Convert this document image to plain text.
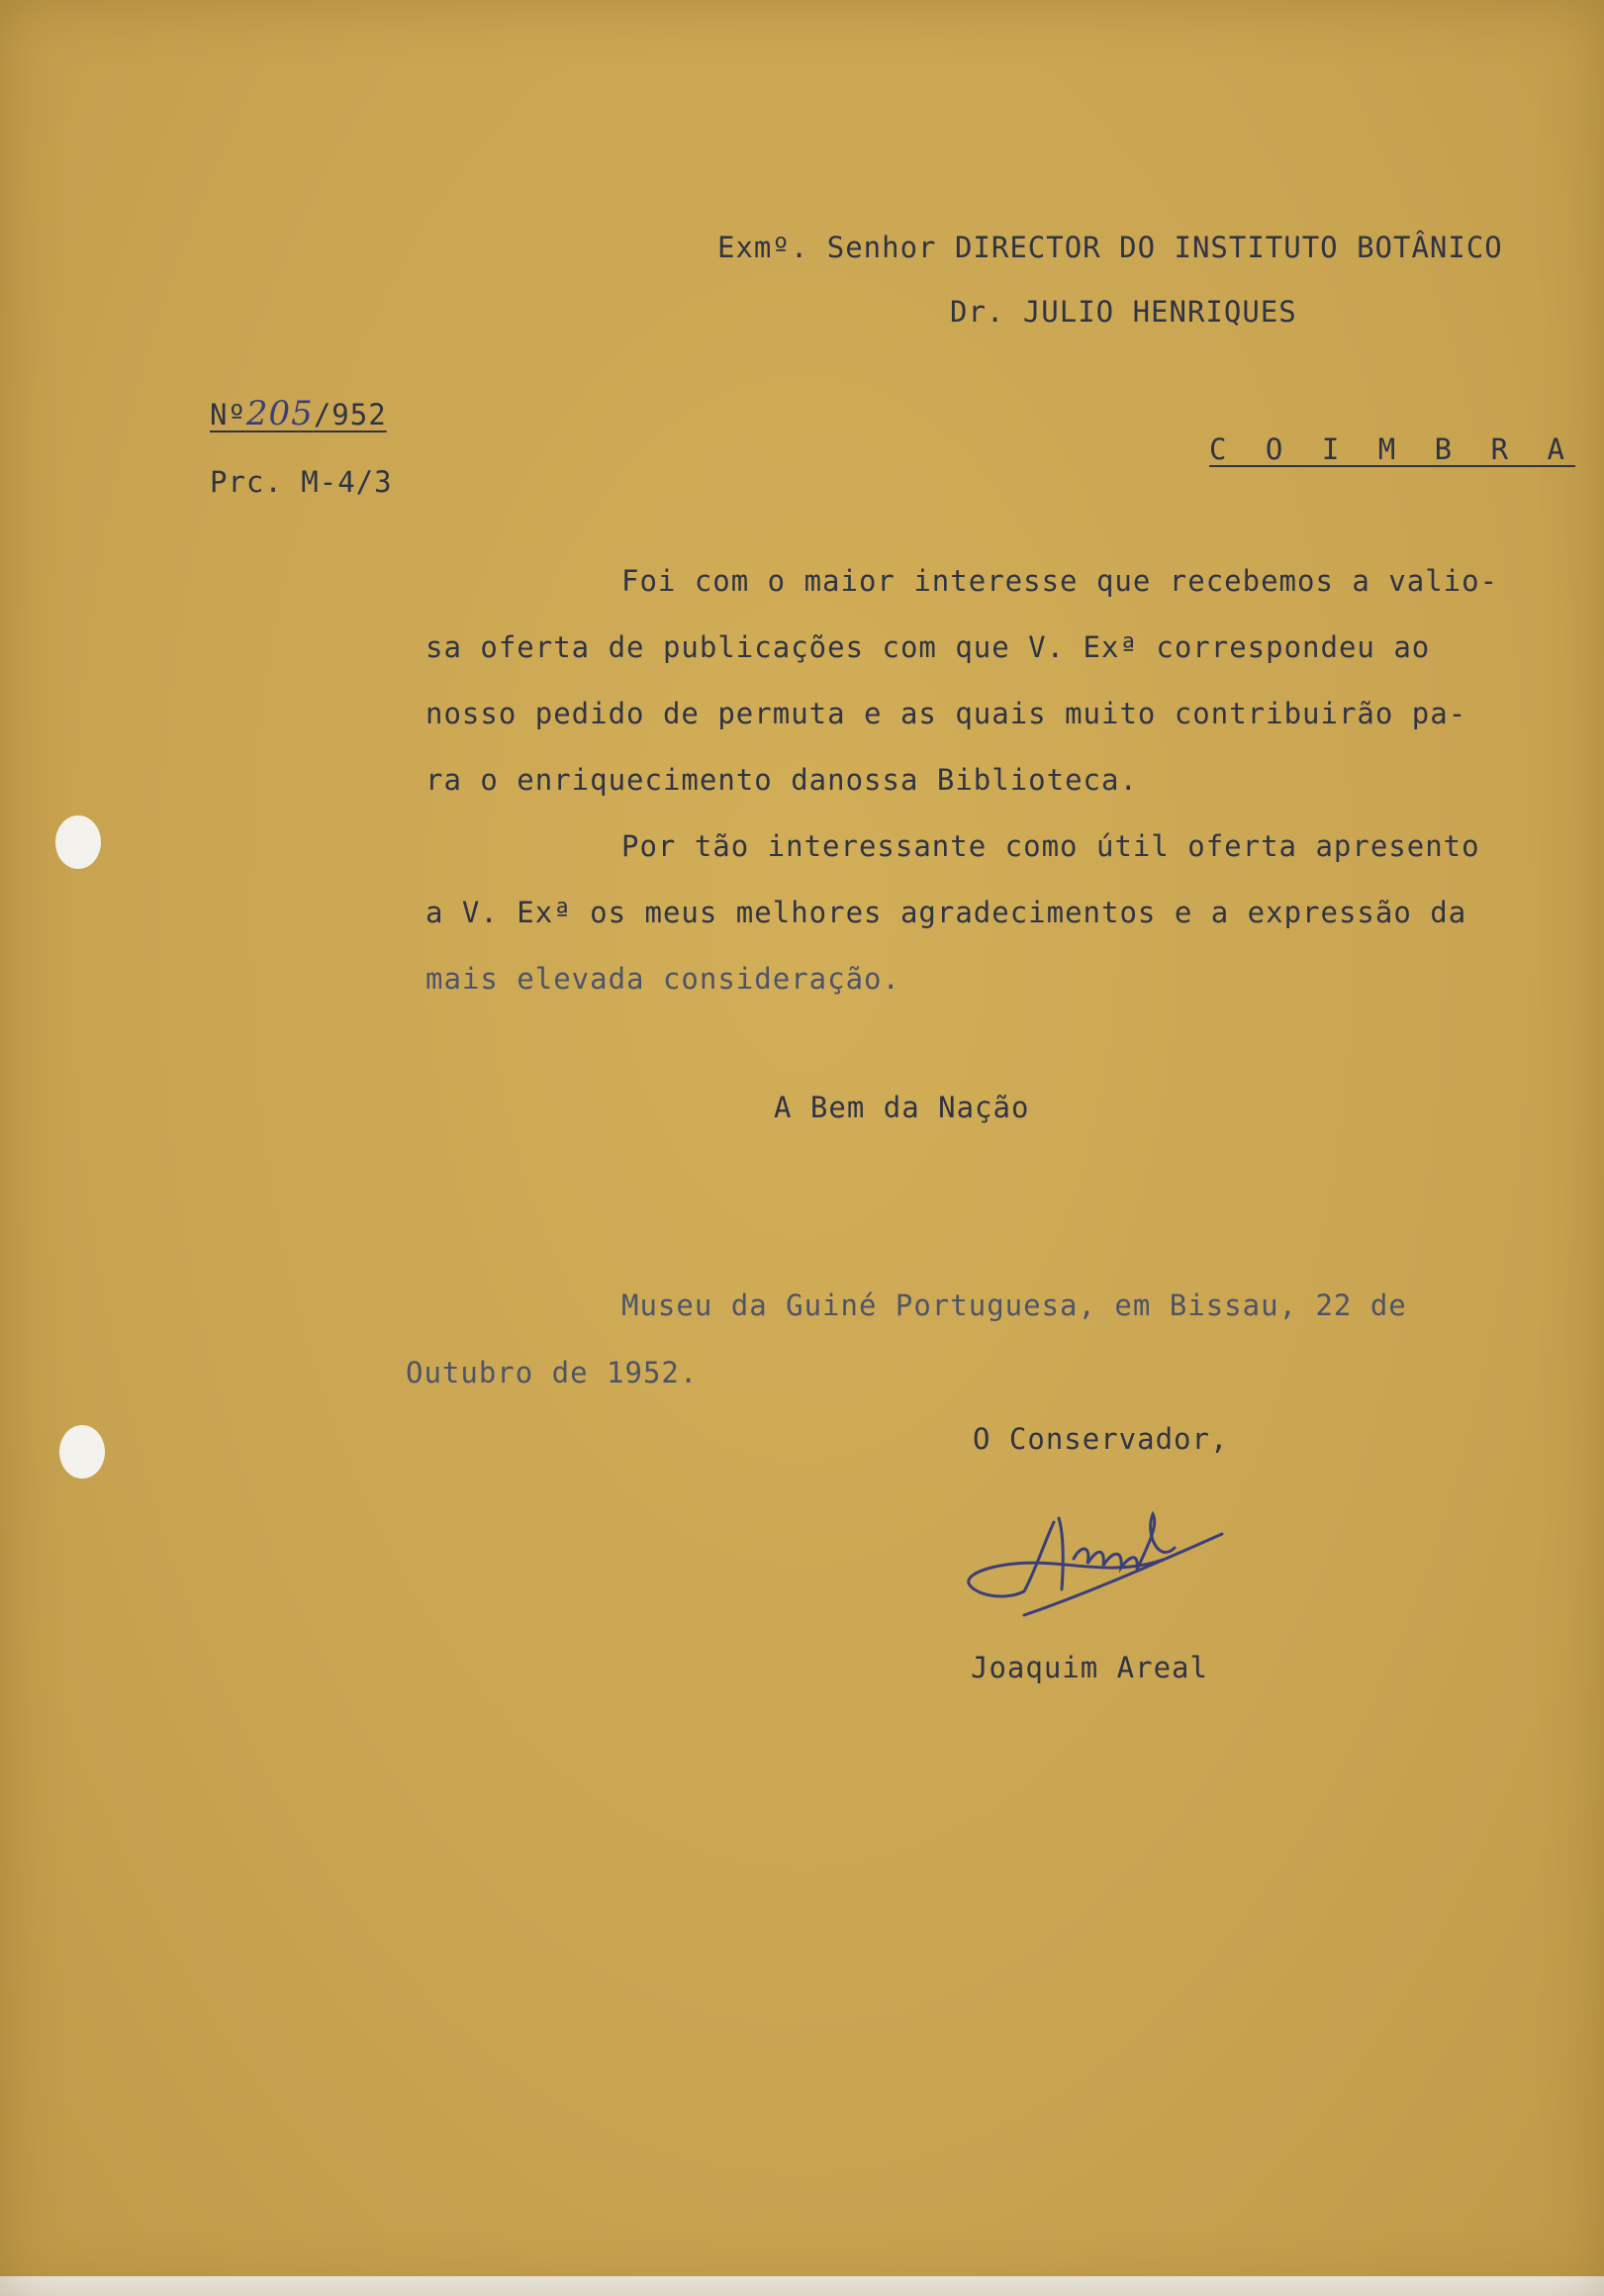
Exmº. Senhor DIRECTOR DO INSTITUTO BOTÂNICO

Dr. JULIO HENRIQUES

Nº205/952

Prc. M-4/3

C O I M B R A

Foi com o maior interesse que recebemos a valio-

sa oferta de publicações com que V. Exª correspondeu ao

nosso pedido de permuta e as quais muito contribuirão pa-

ra o enriquecimento danossa Biblioteca.

Por tão interessante como útil oferta apresento

a V. Exª os meus melhores agradecimentos e a expressão da

mais elevada consideração.

A Bem da Nação

Museu da Guiné Portuguesa, em Bissau, 22 de

Outubro de 1952.

O Conservador,

Joaquim Areal
